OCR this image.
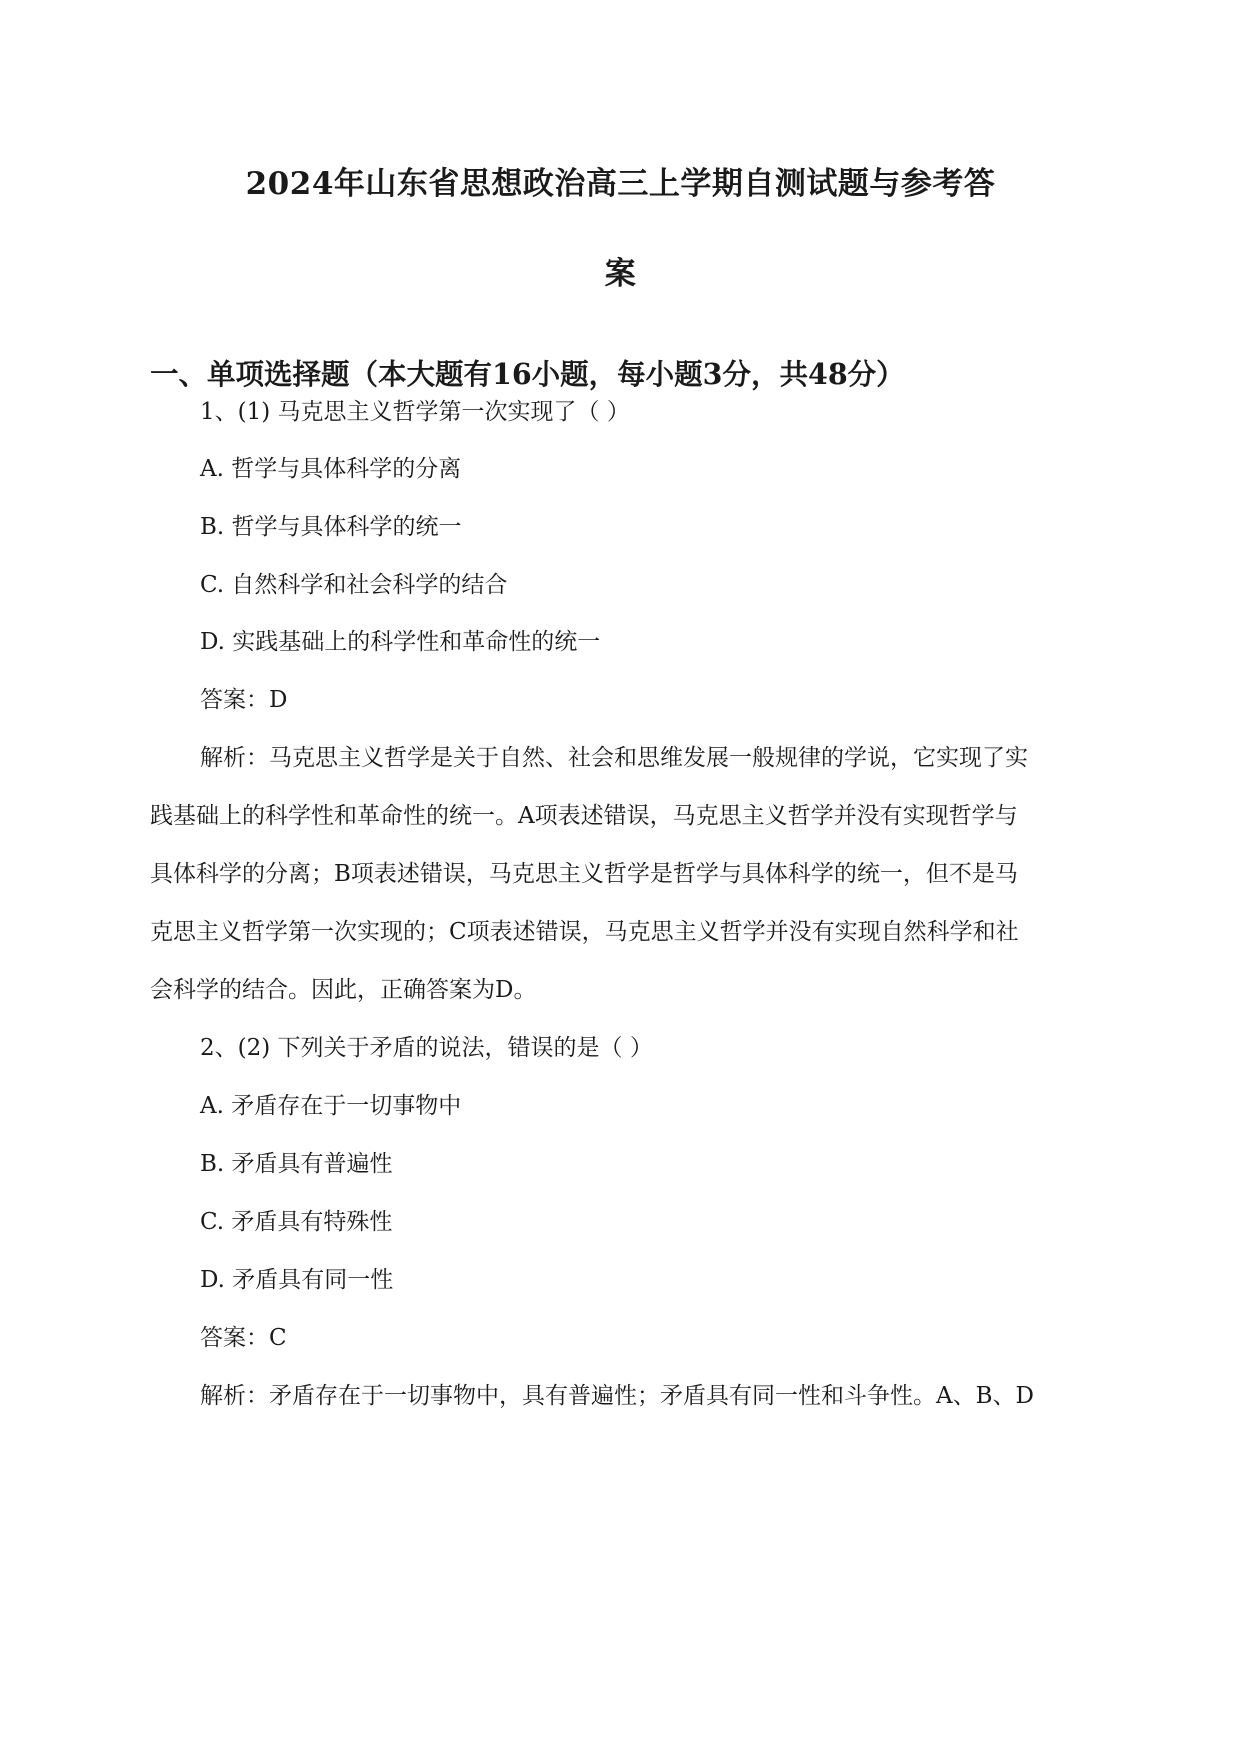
2024年山东省思想政治高三上学期自测试题与参考答
案
一、单项选择题（本大题有16小题，每小题3分，共48分）
1、(1) 马克思主义哲学第一次实现了（ ）
A. 哲学与具体科学的分离
B. 哲学与具体科学的统一
C. 自然科学和社会科学的结合
D. 实践基础上的科学性和革命性的统一
答案：D
解析：马克思主义哲学是关于自然、社会和思维发展一般规律的学说，它实现了实
践基础上的科学性和革命性的统一。A项表述错误，马克思主义哲学并没有实现哲学与
具体科学的分离；B项表述错误，马克思主义哲学是哲学与具体科学的统一，但不是马
克思主义哲学第一次实现的；C项表述错误，马克思主义哲学并没有实现自然科学和社
会科学的结合。因此，正确答案为D。
2、(2) 下列关于矛盾的说法，错误的是（ ）
A. 矛盾存在于一切事物中
B. 矛盾具有普遍性
C. 矛盾具有特殊性
D. 矛盾具有同一性
答案：C
解析：矛盾存在于一切事物中，具有普遍性；矛盾具有同一性和斗争性。A、B、D
